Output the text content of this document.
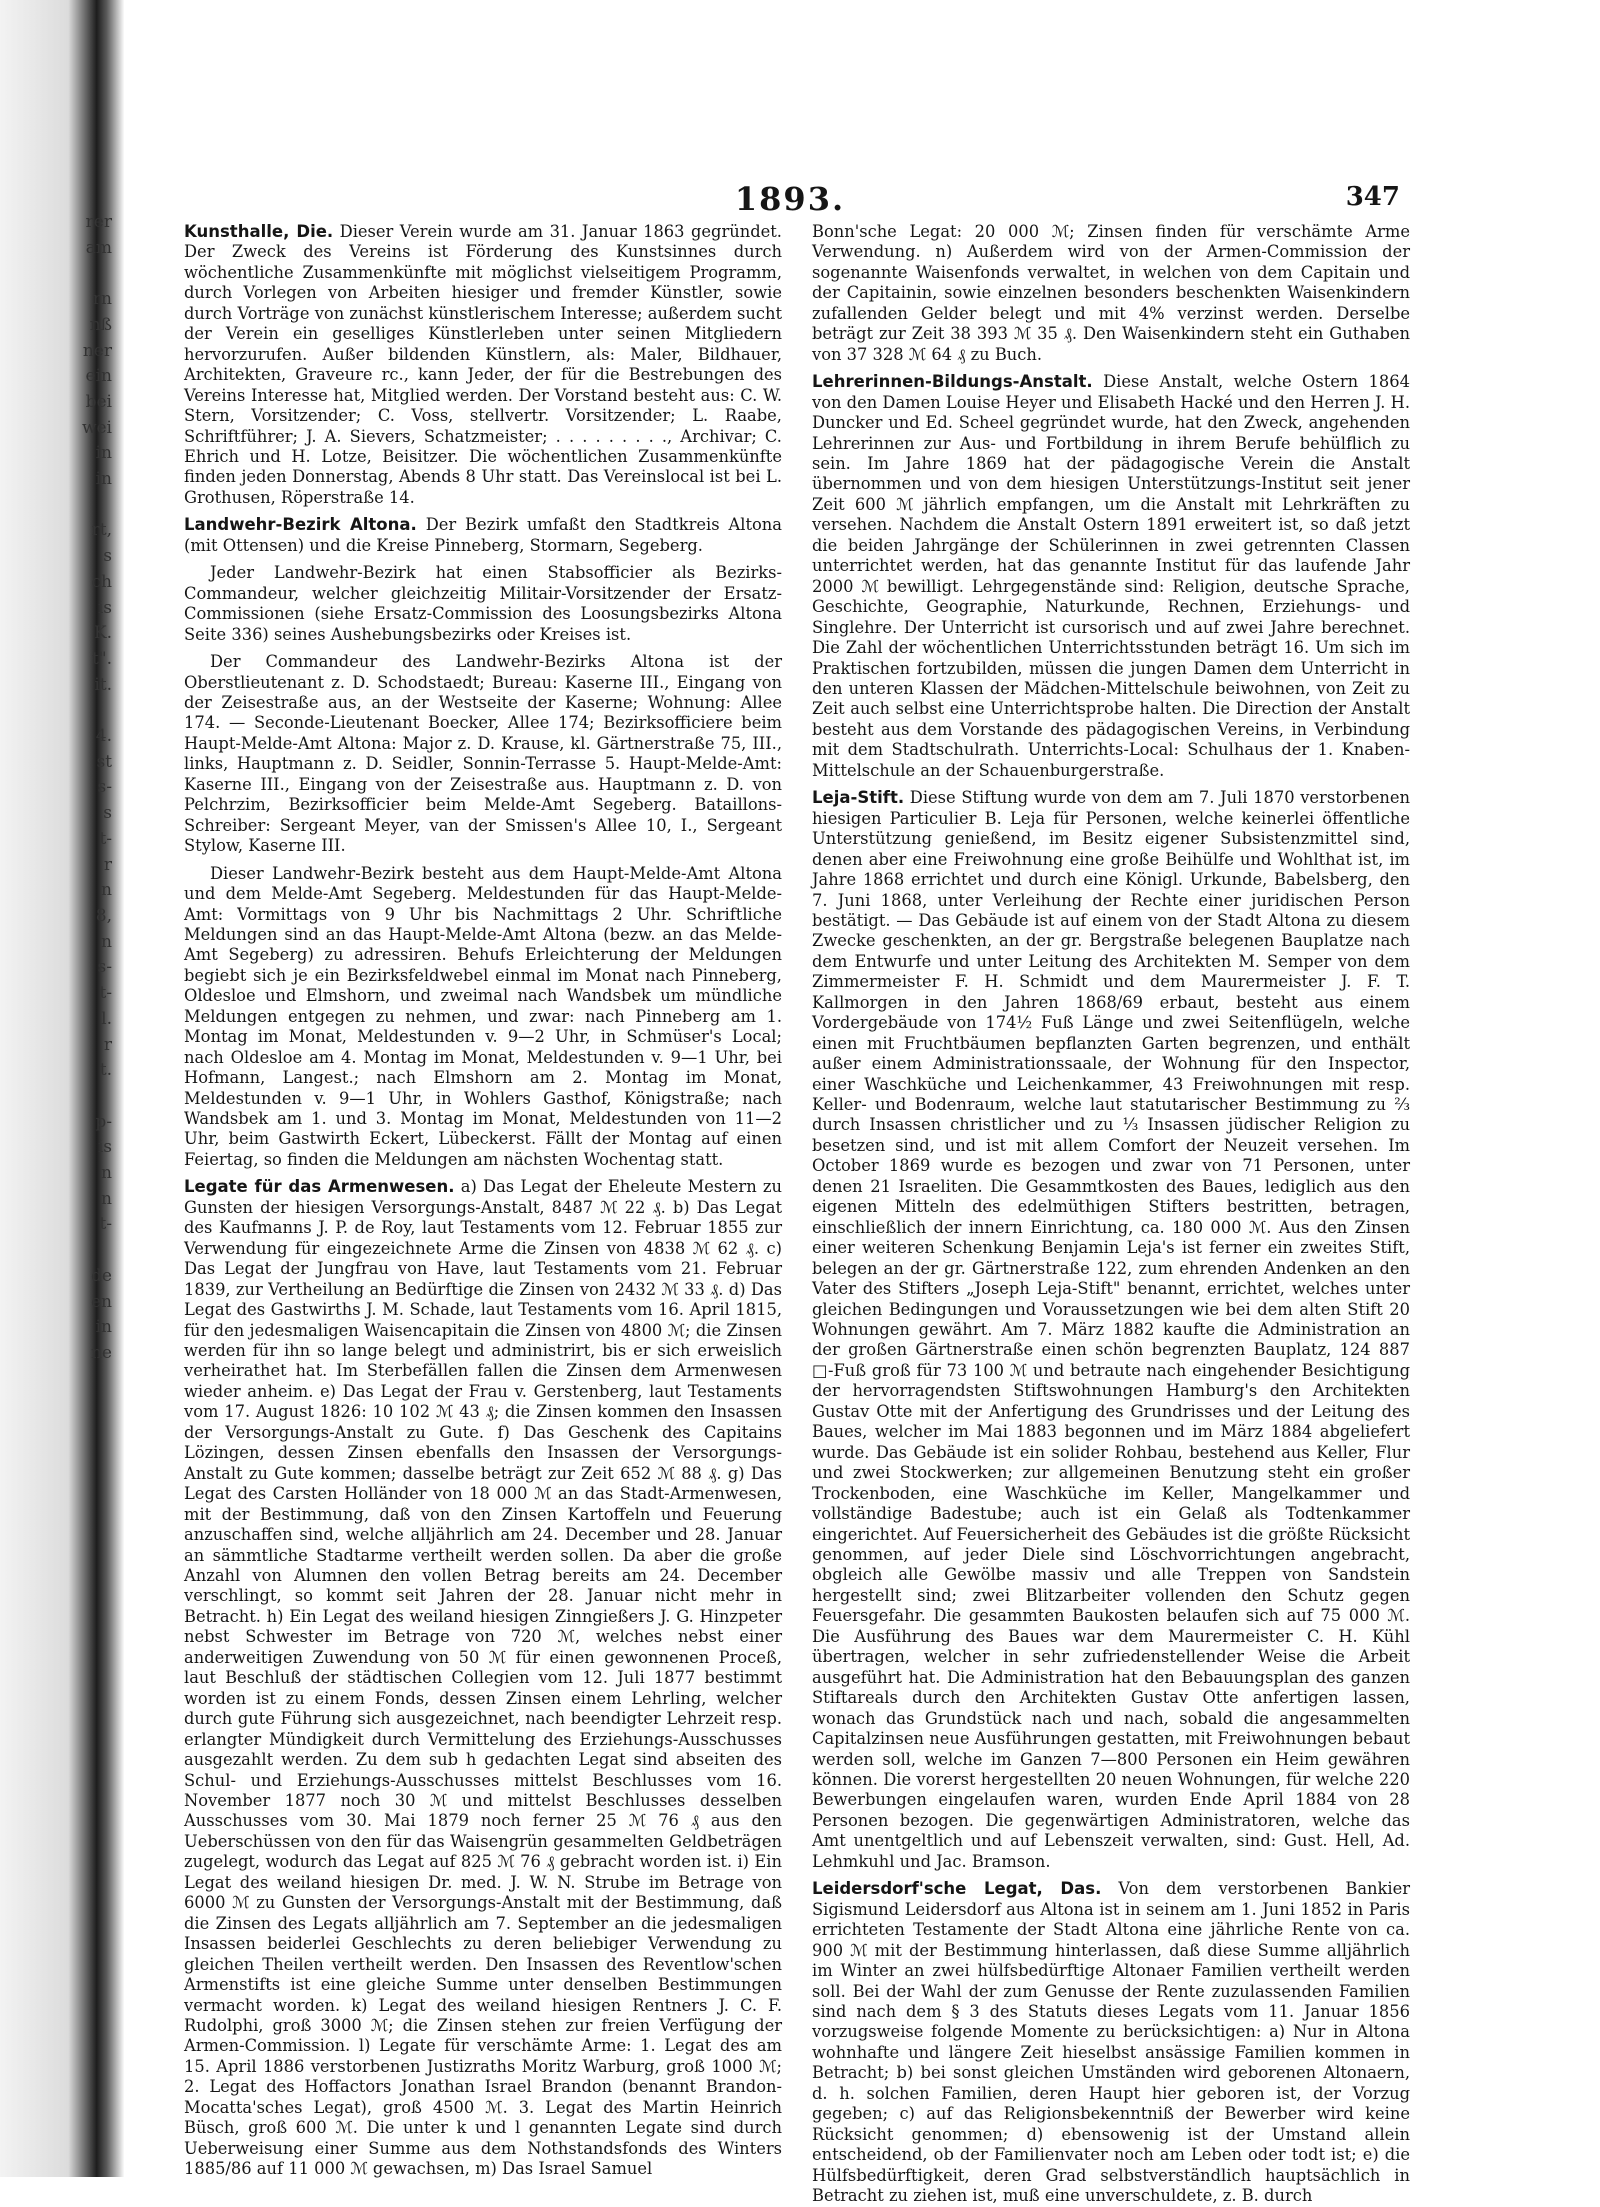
rer
am

rn
nß
ner
ein
bei
wei
in
in

rt,
s
ch
is
K.
t".
it.

4.
st
s-
s
t-
r
n
8,
n
s-
t-
l.
r
t.

p-
is
n
n
t-

de
en
in
ne
1893.	347

Kunsthalle, Die. Dieser Verein wurde am 31. Januar 1863 gegründet. Der Zweck des Vereins ist Förderung des Kunstsinnes durch wöchentliche Zusammenkünfte mit möglichst vielseitigem Programm, durch Vorlegen von Arbeiten hiesiger und fremder Künstler, sowie durch Vorträge von zunächst künstlerischem Interesse; außerdem sucht der Verein ein geselliges Künstlerleben unter seinen Mitgliedern hervorzurufen. Außer bildenden Künstlern, als: Maler, Bildhauer, Architekten, Graveure rc., kann Jeder, der für die Bestrebungen des Vereins Interesse hat, Mitglied werden. Der Vorstand besteht aus: C. W. Stern, Vorsitzender; C. Voss, stellvertr. Vorsitzender; L. Raabe, Schriftführer; J. A. Sievers, Schatzmeister; . . . . . . . . ., Archivar; C. Ehrich und H. Lotze, Beisitzer. Die wöchentlichen Zusammenkünfte finden jeden Donnerstag, Abends 8 Uhr statt. Das Vereinslocal ist bei L. Grothusen, Röperstraße 14.

Landwehr-Bezirk Altona. Der Bezirk umfaßt den Stadtkreis Altona (mit Ottensen) und die Kreise Pinneberg, Stormarn, Segeberg.

Jeder Landwehr-Bezirk hat einen Stabsofficier als Bezirks-Commandeur, welcher gleichzeitig Militair-Vorsitzender der Ersatz-Commissionen (siehe Ersatz-Commission des Loosungsbezirks Altona Seite 336) seines Aushebungsbezirks oder Kreises ist.

Der Commandeur des Landwehr-Bezirks Altona ist der Oberstlieutenant z. D. Schodstaedt; Bureau: Kaserne III., Eingang von der Zeisestraße aus, an der Westseite der Kaserne; Wohnung: Allee 174. — Seconde-Lieutenant Boecker, Allee 174; Bezirksofficiere beim Haupt-Melde-Amt Altona: Major z. D. Krause, kl. Gärtnerstraße 75, III., links, Hauptmann z. D. Seidler, Sonnin-Terrasse 5. Haupt-Melde-Amt: Kaserne III., Eingang von der Zeisestraße aus. Hauptmann z. D. von Pelchrzim, Bezirksofficier beim Melde-Amt Segeberg. Bataillons-Schreiber: Sergeant Meyer, van der Smissen's Allee 10, I., Sergeant Stylow, Kaserne III.

Dieser Landwehr-Bezirk besteht aus dem Haupt-Melde-Amt Altona und dem Melde-Amt Segeberg. Meldestunden für das Haupt-Melde-Amt: Vormittags von 9 Uhr bis Nachmittags 2 Uhr. Schriftliche Meldungen sind an das Haupt-Melde-Amt Altona (bezw. an das Melde-Amt Segeberg) zu adressiren. Behufs Erleichterung der Meldungen begiebt sich je ein Bezirksfeldwebel einmal im Monat nach Pinneberg, Oldesloe und Elmshorn, und zweimal nach Wandsbek um mündliche Meldungen entgegen zu nehmen, und zwar: nach Pinneberg am 1. Montag im Monat, Meldestunden v. 9—2 Uhr, in Schmüser's Local; nach Oldesloe am 4. Montag im Monat, Meldestunden v. 9—1 Uhr, bei Hofmann, Langest.; nach Elmshorn am 2. Montag im Monat, Meldestunden v. 9—1 Uhr, in Wohlers Gasthof, Königstraße; nach Wandsbek am 1. und 3. Montag im Monat, Meldestunden von 11—2 Uhr, beim Gastwirth Eckert, Lübeckerst. Fällt der Montag auf einen Feiertag, so finden die Meldungen am nächsten Wochentag statt.

Legate für das Armenwesen. a) Das Legat der Eheleute Mestern zu Gunsten der hiesigen Versorgungs-Anstalt, 8487 ℳ 22 ₰. b) Das Legat des Kaufmanns J. P. de Roy, laut Testaments vom 12. Februar 1855 zur Verwendung für eingezeichnete Arme die Zinsen von 4838 ℳ 62 ₰. c) Das Legat der Jungfrau von Have, laut Testaments vom 21. Februar 1839, zur Vertheilung an Bedürftige die Zinsen von 2432 ℳ 33 ₰. d) Das Legat des Gastwirths J. M. Schade, laut Testaments vom 16. April 1815, für den jedesmaligen Waisencapitain die Zinsen von 4800 ℳ; die Zinsen werden für ihn so lange belegt und administrirt, bis er sich erweislich verheirathet hat. Im Sterbefällen fallen die Zinsen dem Armenwesen wieder anheim. e) Das Legat der Frau v. Gerstenberg, laut Testaments vom 17. August 1826: 10 102 ℳ 43 ₰; die Zinsen kommen den Insassen der Versorgungs-Anstalt zu Gute. f) Das Geschenk des Capitains Lözingen, dessen Zinsen ebenfalls den Insassen der Versorgungs-Anstalt zu Gute kommen; dasselbe beträgt zur Zeit 652 ℳ 88 ₰. g) Das Legat des Carsten Holländer von 18 000 ℳ an das Stadt-Armenwesen, mit der Bestimmung, daß von den Zinsen Kartoffeln und Feuerung anzuschaffen sind, welche alljährlich am 24. December und 28. Januar an sämmtliche Stadtarme vertheilt werden sollen. Da aber die große Anzahl von Alumnen den vollen Betrag bereits am 24. December verschlingt, so kommt seit Jahren der 28. Januar nicht mehr in Betracht. h) Ein Legat des weiland hiesigen Zinngießers J. G. Hinzpeter nebst Schwester im Betrage von 720 ℳ, welches nebst einer anderweitigen Zuwendung von 50 ℳ für einen gewonnenen Proceß, laut Beschluß der städtischen Collegien vom 12. Juli 1877 bestimmt worden ist zu einem Fonds, dessen Zinsen einem Lehrling, welcher durch gute Führung sich ausgezeichnet, nach beendigter Lehrzeit resp. erlangter Mündigkeit durch Vermittelung des Erziehungs-Ausschusses ausgezahlt werden. Zu dem sub h gedachten Legat sind abseiten des Schul- und Erziehungs-Ausschusses mittelst Beschlusses vom 16. November 1877 noch 30 ℳ und mittelst Beschlusses desselben Ausschusses vom 30. Mai 1879 noch ferner 25 ℳ 76 ₰ aus den Ueberschüssen von den für das Waisengrün gesammelten Geldbeträgen zugelegt, wodurch das Legat auf 825 ℳ 76 ₰ gebracht worden ist. i) Ein Legat des weiland hiesigen Dr. med. J. W. N. Strube im Betrage von 6000 ℳ zu Gunsten der Versorgungs-Anstalt mit der Bestimmung, daß die Zinsen des Legats alljährlich am 7. September an die jedesmaligen Insassen beiderlei Geschlechts zu deren beliebiger Verwendung zu gleichen Theilen vertheilt werden. Den Insassen des Reventlow'schen Armenstifts ist eine gleiche Summe unter denselben Bestimmungen vermacht worden. k) Legat des weiland hiesigen Rentners J. C. F. Rudolphi, groß 3000 ℳ; die Zinsen stehen zur freien Verfügung der Armen-Commission. l) Legate für verschämte Arme: 1. Legat des am 15. April 1886 verstorbenen Justizraths Moritz Warburg, groß 1000 ℳ; 2. Legat des Hoffactors Jonathan Israel Brandon (benannt Brandon-Mocatta'sches Legat), groß 4500 ℳ. 3. Legat des Martin Heinrich Büsch, groß 600 ℳ. Die unter k und l genannten Legate sind durch Ueberweisung einer Summe aus dem Nothstandsfonds des Winters 1885/86 auf 11 000 ℳ gewachsen, m) Das Israel Samuel

Bonn'sche Legat: 20 000 ℳ; Zinsen finden für verschämte Arme Verwendung. n) Außerdem wird von der Armen-Commission der sogenannte Waisenfonds verwaltet, in welchen von dem Capitain und der Capitainin, sowie einzelnen besonders beschenkten Waisenkindern zufallenden Gelder belegt und mit 4% verzinst werden. Derselbe beträgt zur Zeit 38 393 ℳ 35 ₰. Den Waisenkindern steht ein Guthaben von 37 328 ℳ 64 ₰ zu Buch.

Lehrerinnen-Bildungs-Anstalt. Diese Anstalt, welche Ostern 1864 von den Damen Louise Heyer und Elisabeth Hacké und den Herren J. H. Duncker und Ed. Scheel gegründet wurde, hat den Zweck, angehenden Lehrerinnen zur Aus- und Fortbildung in ihrem Berufe behülflich zu sein. Im Jahre 1869 hat der pädagogische Verein die Anstalt übernommen und von dem hiesigen Unterstützungs-Institut seit jener Zeit 600 ℳ jährlich empfangen, um die Anstalt mit Lehrkräften zu versehen. Nachdem die Anstalt Ostern 1891 erweitert ist, so daß jetzt die beiden Jahrgänge der Schülerinnen in zwei getrennten Classen unterrichtet werden, hat das genannte Institut für das laufende Jahr 2000 ℳ bewilligt. Lehrgegenstände sind: Religion, deutsche Sprache, Geschichte, Geographie, Naturkunde, Rechnen, Erziehungs- und Singlehre. Der Unterricht ist cursorisch und auf zwei Jahre berechnet. Die Zahl der wöchentlichen Unterrichtsstunden beträgt 16. Um sich im Praktischen fortzubilden, müssen die jungen Damen dem Unterricht in den unteren Klassen der Mädchen-Mittelschule beiwohnen, von Zeit zu Zeit auch selbst eine Unterrichtsprobe halten. Die Direction der Anstalt besteht aus dem Vorstande des pädagogischen Vereins, in Verbindung mit dem Stadtschulrath. Unterrichts-Local: Schulhaus der 1. Knaben-Mittelschule an der Schauenburgerstraße.

Leja-Stift. Diese Stiftung wurde von dem am 7. Juli 1870 verstorbenen hiesigen Particulier B. Leja für Personen, welche keinerlei öffentliche Unterstützung genießend, im Besitz eigener Subsistenzmittel sind, denen aber eine Freiwohnung eine große Beihülfe und Wohlthat ist, im Jahre 1868 errichtet und durch eine Königl. Urkunde, Babelsberg, den 7. Juni 1868, unter Verleihung der Rechte einer juridischen Person bestätigt. — Das Gebäude ist auf einem von der Stadt Altona zu diesem Zwecke geschenkten, an der gr. Bergstraße belegenen Bauplatze nach dem Entwurfe und unter Leitung des Architekten M. Semper von dem Zimmermeister F. H. Schmidt und dem Maurermeister J. F. T. Kallmorgen in den Jahren 1868/69 erbaut, besteht aus einem Vordergebäude von 174½ Fuß Länge und zwei Seitenflügeln, welche einen mit Fruchtbäumen bepflanzten Garten begrenzen, und enthält außer einem Administrationssaale, der Wohnung für den Inspector, einer Waschküche und Leichenkammer, 43 Freiwohnungen mit resp. Keller- und Bodenraum, welche laut statutarischer Bestimmung zu ⅔ durch Insassen christlicher und zu ⅓ Insassen jüdischer Religion zu besetzen sind, und ist mit allem Comfort der Neuzeit versehen. Im October 1869 wurde es bezogen und zwar von 71 Personen, unter denen 21 Israeliten. Die Gesammtkosten des Baues, lediglich aus den eigenen Mitteln des edelmüthigen Stifters bestritten, betragen, einschließlich der innern Einrichtung, ca. 180 000 ℳ. Aus den Zinsen einer weiteren Schenkung Benjamin Leja's ist ferner ein zweites Stift, belegen an der gr. Gärtnerstraße 122, zum ehrenden Andenken an den Vater des Stifters „Joseph Leja-Stift" benannt, errichtet, welches unter gleichen Bedingungen und Voraussetzungen wie bei dem alten Stift 20 Wohnungen gewährt. Am 7. März 1882 kaufte die Administration an der großen Gärtnerstraße einen schön begrenzten Bauplatz, 124 887 □-Fuß groß für 73 100 ℳ und betraute nach eingehender Besichtigung der hervorragendsten Stiftswohnungen Hamburg's den Architekten Gustav Otte mit der Anfertigung des Grundrisses und der Leitung des Baues, welcher im Mai 1883 begonnen und im März 1884 abgeliefert wurde. Das Gebäude ist ein solider Rohbau, bestehend aus Keller, Flur und zwei Stockwerken; zur allgemeinen Benutzung steht ein großer Trockenboden, eine Waschküche im Keller, Mangelkammer und vollständige Badestube; auch ist ein Gelaß als Todtenkammer eingerichtet. Auf Feuersicherheit des Gebäudes ist die größte Rücksicht genommen, auf jeder Diele sind Löschvorrichtungen angebracht, obgleich alle Gewölbe massiv und alle Treppen von Sandstein hergestellt sind; zwei Blitzarbeiter vollenden den Schutz gegen Feuersgefahr. Die gesammten Baukosten belaufen sich auf 75 000 ℳ. Die Ausführung des Baues war dem Maurermeister C. H. Kühl übertragen, welcher in sehr zufriedenstellender Weise die Arbeit ausgeführt hat. Die Administration hat den Bebauungsplan des ganzen Stiftareals durch den Architekten Gustav Otte anfertigen lassen, wonach das Grundstück nach und nach, sobald die angesammelten Capitalzinsen neue Ausführungen gestatten, mit Freiwohnungen bebaut werden soll, welche im Ganzen 7—800 Personen ein Heim gewähren können. Die vorerst hergestellten 20 neuen Wohnungen, für welche 220 Bewerbungen eingelaufen waren, wurden Ende April 1884 von 28 Personen bezogen. Die gegenwärtigen Administratoren, welche das Amt unentgeltlich und auf Lebenszeit verwalten, sind: Gust. Hell, Ad. Lehmkuhl und Jac. Bramson.

Leidersdorf'sche Legat, Das. Von dem verstorbenen Bankier Sigismund Leidersdorf aus Altona ist in seinem am 1. Juni 1852 in Paris errichteten Testamente der Stadt Altona eine jährliche Rente von ca. 900 ℳ mit der Bestimmung hinterlassen, daß diese Summe alljährlich im Winter an zwei hülfsbedürftige Altonaer Familien vertheilt werden soll. Bei der Wahl der zum Genusse der Rente zuzulassenden Familien sind nach dem § 3 des Statuts dieses Legats vom 11. Januar 1856 vorzugsweise folgende Momente zu berücksichtigen: a) Nur in Altona wohnhafte und längere Zeit hieselbst ansässige Familien kommen in Betracht; b) bei sonst gleichen Umständen wird geborenen Altonaern, d. h. solchen Familien, deren Haupt hier geboren ist, der Vorzug gegeben; c) auf das Religionsbekenntniß der Bewerber wird keine Rücksicht genommen; d) ebensowenig ist der Umstand allein entscheidend, ob der Familienvater noch am Leben oder todt ist; e) die Hülfsbedürftigkeit, deren Grad selbstverständlich hauptsächlich in Betracht zu ziehen ist, muß eine unverschuldete, z. B. durch
